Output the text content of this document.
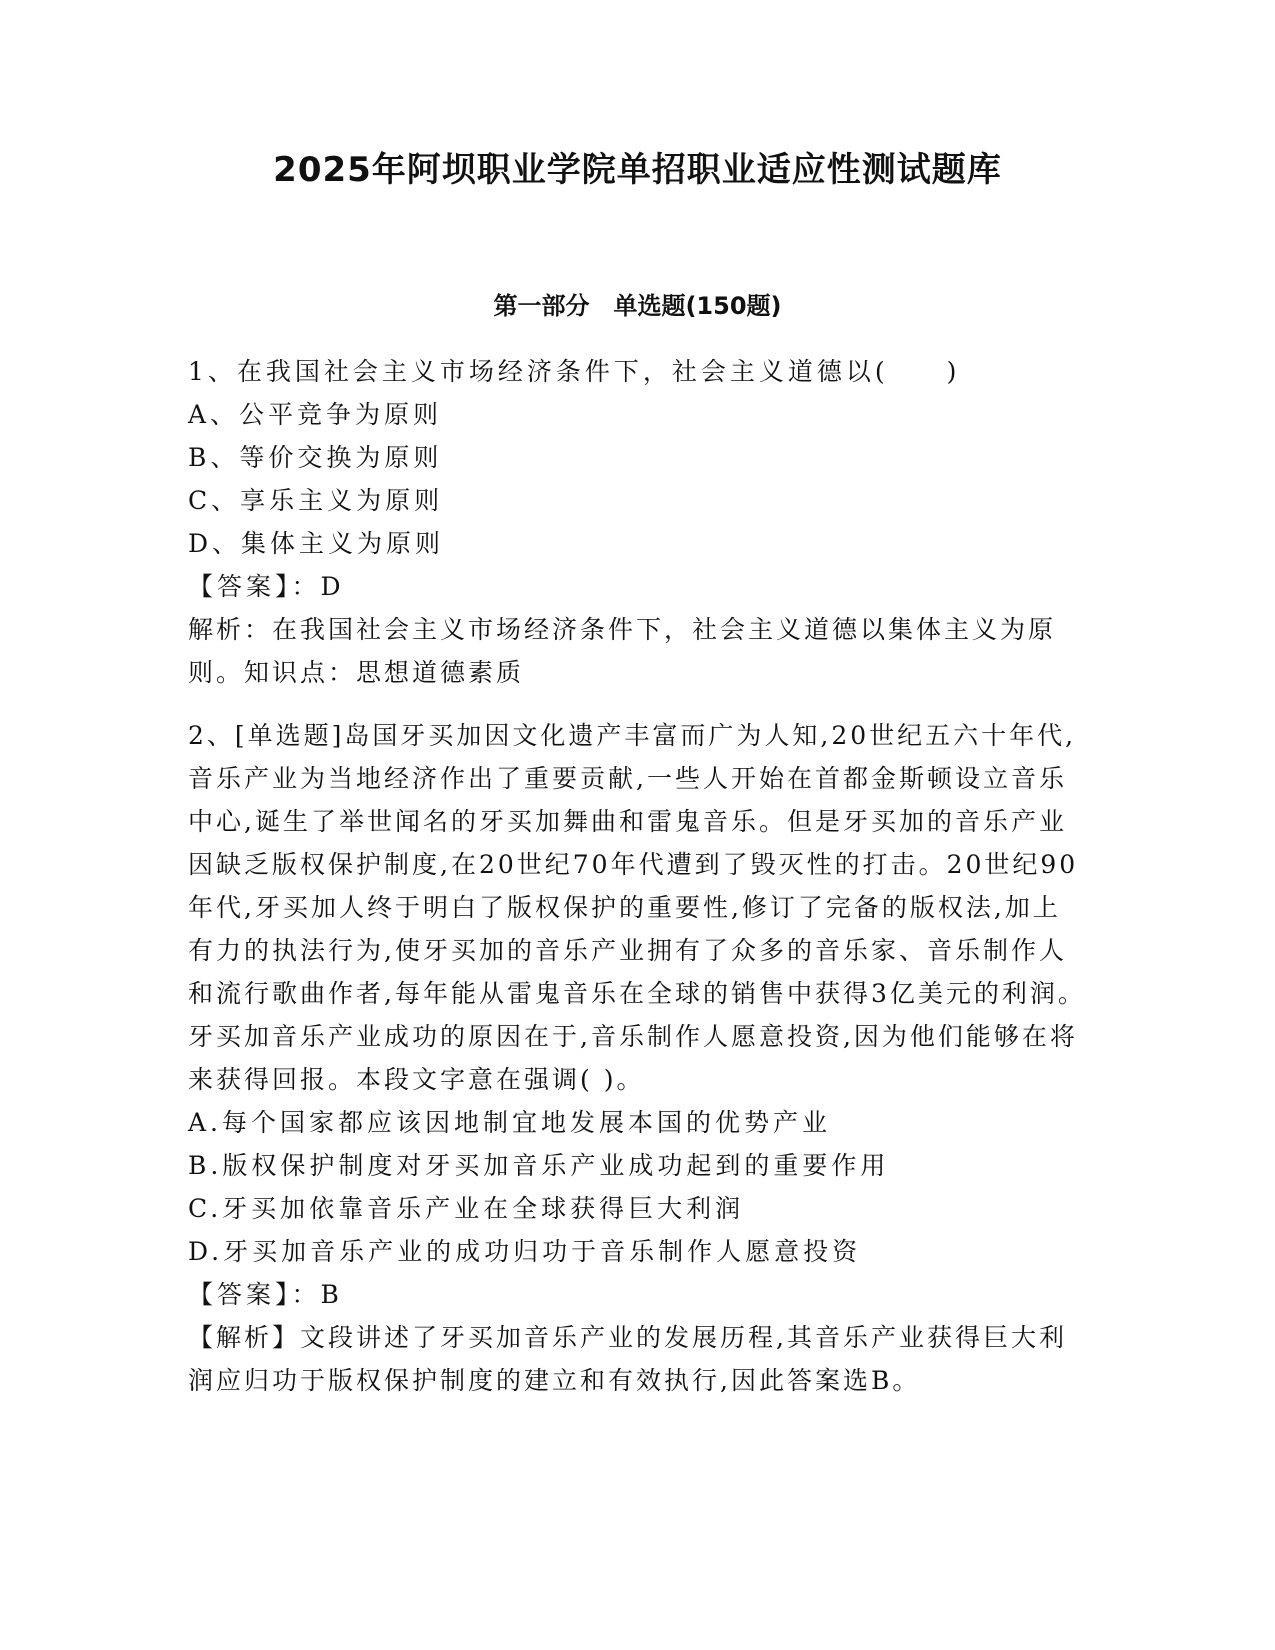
2025年阿坝职业学院单招职业适应性测试题库
第一部分　单选题(150题)
1、在我国社会主义市场经济条件下，社会主义道德以(　　)
A、公平竞争为原则
B、等价交换为原则
C、享乐主义为原则
D、集体主义为原则
【答案】：D
解析：在我国社会主义市场经济条件下，社会主义道德以集体主义为原则。知识点：思想道德素质
2、[单选题]岛国牙买加因文化遗产丰富而广为人知,20世纪五六十年代,音乐产业为当地经济作出了重要贡献,一些人开始在首都金斯顿设立音乐中心,诞生了举世闻名的牙买加舞曲和雷鬼音乐。但是牙买加的音乐产业因缺乏版权保护制度,在20世纪70年代遭到了毁灭性的打击。20世纪90年代,牙买加人终于明白了版权保护的重要性,修订了完备的版权法,加上有力的执法行为,使牙买加的音乐产业拥有了众多的音乐家、音乐制作人和流行歌曲作者,每年能从雷鬼音乐在全球的销售中获得3亿美元的利润。牙买加音乐产业成功的原因在于,音乐制作人愿意投资,因为他们能够在将来获得回报。本段文字意在强调( )。
A.每个国家都应该因地制宜地发展本国的优势产业
B.版权保护制度对牙买加音乐产业成功起到的重要作用
C.牙买加依靠音乐产业在全球获得巨大利润
D.牙买加音乐产业的成功归功于音乐制作人愿意投资
【答案】：B
【解析】文段讲述了牙买加音乐产业的发展历程,其音乐产业获得巨大利润应归功于版权保护制度的建立和有效执行,因此答案选B。
